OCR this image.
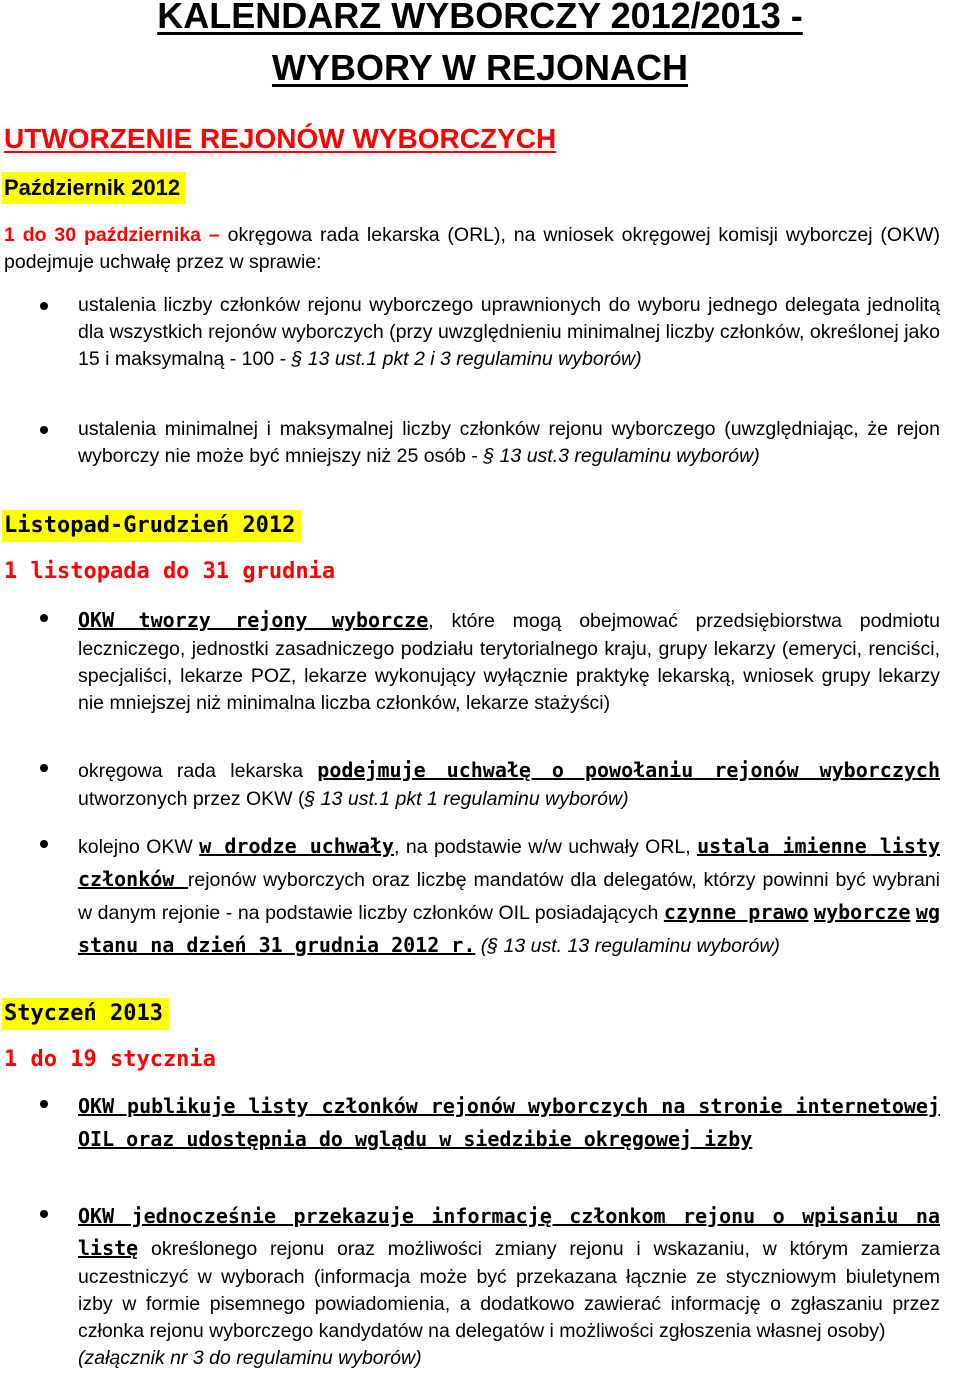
KALENDARZ WYBORCZY 2012/2013 -
WYBORY W REJONACH
UTWORZENIE REJONÓW WYBORCZYCH
Październik 2012
1 do 30 października – okręgowa rada lekarska (ORL), na wniosek okręgowej komisji wyborczej (OKW) podejmuje uchwałę przez w sprawie:
ustalenia liczby członków rejonu wyborczego uprawnionych do wyboru jednego delegata jednolitą dla wszystkich rejonów wyborczych (przy uwzględnieniu minimalnej liczby członków, określonej jako 15 i maksymalną - 100 - § 13 ust.1 pkt 2 i 3 regulaminu wyborów)
ustalenia minimalnej i maksymalnej liczby członków rejonu wyborczego (uwzględniając, że rejon wyborczy nie może być mniejszy niż 25 osób - § 13 ust.3 regulaminu wyborów)
Listopad-Grudzień 2012
1 listopada do 31 grudnia
OKW tworzy rejony wyborcze, które mogą obejmować przedsiębiorstwa podmiotu leczniczego, jednostki zasadniczego podziału terytorialnego kraju, grupy lekarzy (emeryci, renciści, specjaliści, lekarze POZ, lekarze wykonujący wyłącznie praktykę lekarską, wniosek grupy lekarzy nie mniejszej niż minimalna liczba członków, lekarze stażyści)
okręgowa rada lekarska podejmuje uchwałę o powołaniu rejonów wyborczych utworzonych przez OKW (§ 13 ust.1 pkt 1 regulaminu wyborów)
kolejno OKW w drodze uchwały, na podstawie w/w uchwały ORL, ustala imienne listy członków rejonów wyborczych oraz liczbę mandatów dla delegatów, którzy powinni być wybrani w danym rejonie - na podstawie liczby członków OIL posiadających czynne prawo wyborcze wg stanu na dzień 31 grudnia 2012 r. (§ 13 ust. 13 regulaminu wyborów)
Styczeń 2013
1 do 19 stycznia
OKW publikuje listy członków rejonów wyborczych na stronie internetowej OIL oraz udostępnia do wglądu w siedzibie okręgowej izby
OKW jednocześnie przekazuje informację członkom rejonu o wpisaniu na listę określonego rejonu oraz możliwości zmiany rejonu i wskazaniu, w którym zamierza uczestniczyć w wyborach (informacja może być przekazana łącznie ze styczniowym biuletynem izby w formie pisemnego powiadomienia, a dodatkowo zawierać informację o zgłaszaniu przez członka rejonu wyborczego kandydatów na delegatów i możliwości zgłoszenia własnej osoby)
(załącznik nr 3 do regulaminu wyborów)
